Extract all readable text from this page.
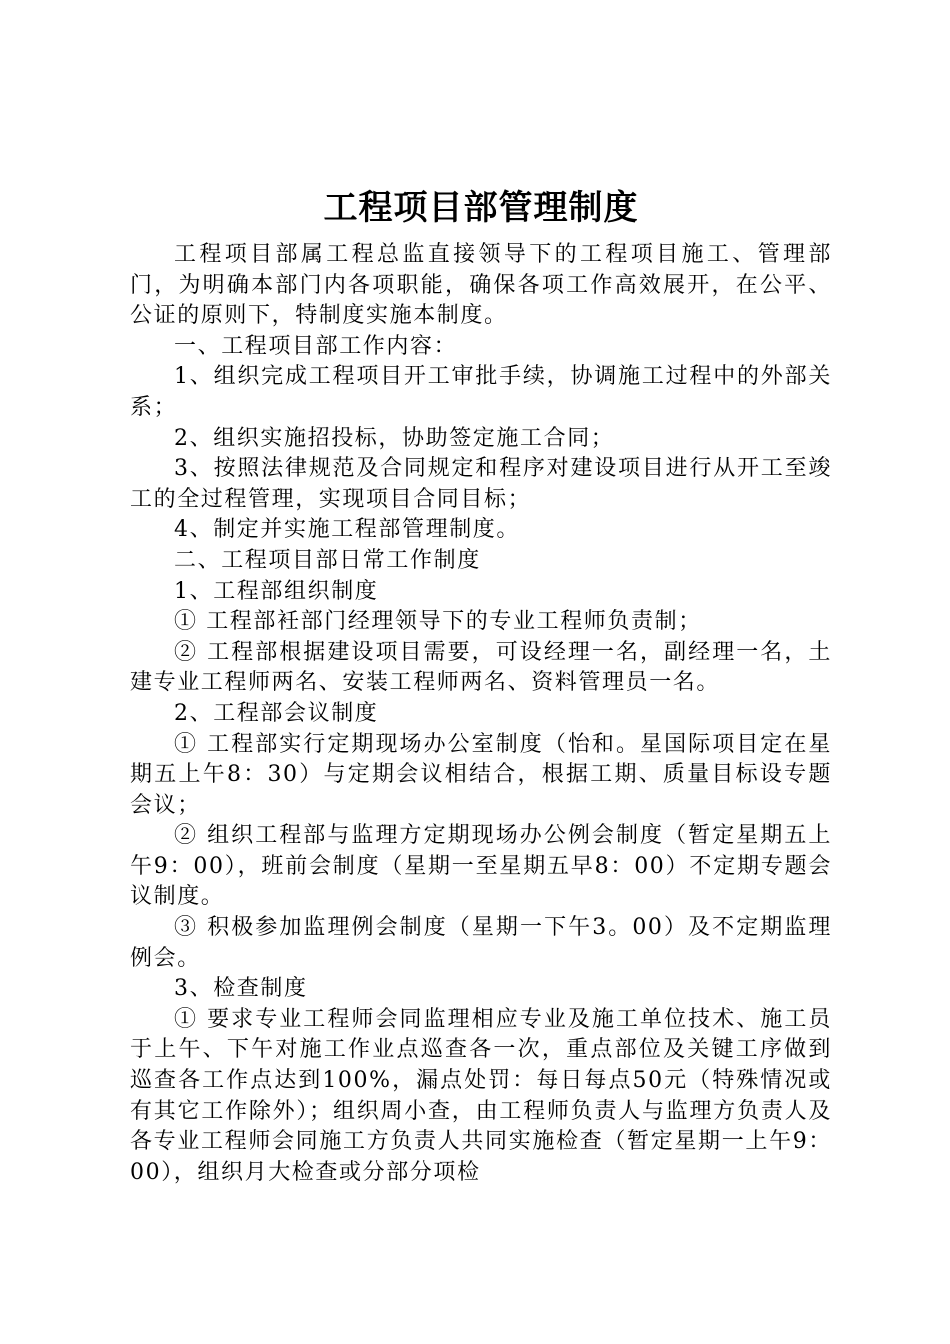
工程项目部管理制度

工程项目部属工程总监直接领导下的工程项目施工、管理部门，为明确本部门内各项职能，确保各项工作高效展开，在公平、公证的原则下，特制度实施本制度。

一、工程项目部工作内容：

1、组织完成工程项目开工审批手续，协调施工过程中的外部关系；

2、组织实施招投标，协助签定施工合同；

3、按照法律规范及合同规定和程序对建设项目进行从开工至竣工的全过程管理，实现项目合同目标；

4、制定并实施工程部管理制度。

二、工程项目部日常工作制度

1、工程部组织制度

① 工程部衽部门经理领导下的专业工程师负责制；

② 工程部根据建设项目需要，可设经理一名，副经理一名，土建专业工程师两名、安装工程师两名、资料管理员一名。

2、工程部会议制度

① 工程部实行定期现场办公室制度（怡和。星国际项目定在星期五上午8：30）与定期会议相结合，根据工期、质量目标设专题会议；

② 组织工程部与监理方定期现场办公例会制度（暂定星期五上午9：00），班前会制度（星期一至星期五早8：00）不定期专题会议制度。

③ 积极参加监理例会制度（星期一下午3。00）及不定期监理例会。

3、检查制度

① 要求专业工程师会同监理相应专业及施工单位技术、施工员于上午、下午对施工作业点巡查各一次，重点部位及关键工序做到巡查各工作点达到100%，漏点处罚：每日每点50元（特殊情况或有其它工作除外）；组织周小查，由工程师负责人与监理方负责人及各专业工程师会同施工方负责人共同实施检查（暂定星期一上午9：00），组织月大检查或分部分项检
